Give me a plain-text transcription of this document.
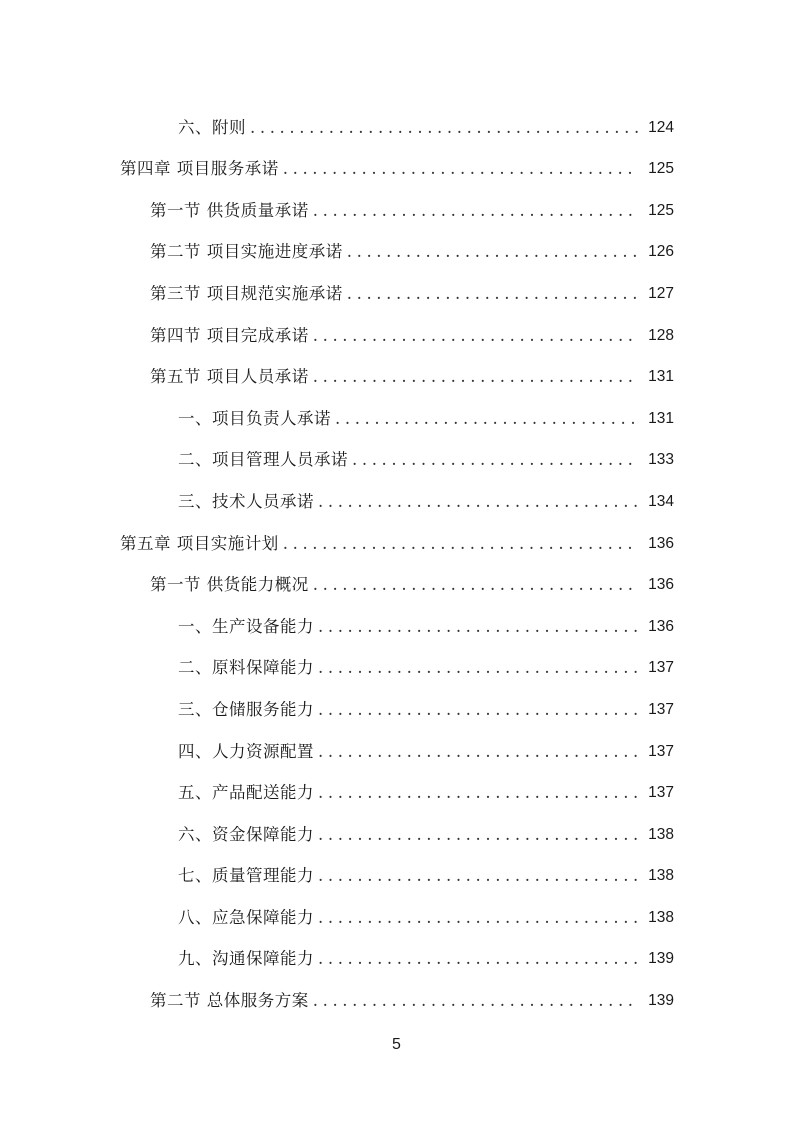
六、附则 .....	124
第四章 项目服务承诺 .....	125
第一节 供货质量承诺 .....	125
第二节 项目实施进度承诺 .....	126
第三节 项目规范实施承诺 .....	127
第四节 项目完成承诺 .....	128
第五节 项目人员承诺 .....	131
一、项目负责人承诺 .....	131
二、项目管理人员承诺 .....	133
三、技术人员承诺 .....	134
第五章 项目实施计划 .....	136
第一节 供货能力概况 .....	136
一、生产设备能力 .....	136
二、原料保障能力 .....	137
三、仓储服务能力 .....	137
四、人力资源配置 .....	137
五、产品配送能力 .....	137
六、资金保障能力 .....	138
七、质量管理能力 .....	138
八、应急保障能力 .....	138
九、沟通保障能力 .....	139
第二节 总体服务方案 .....	139
5
